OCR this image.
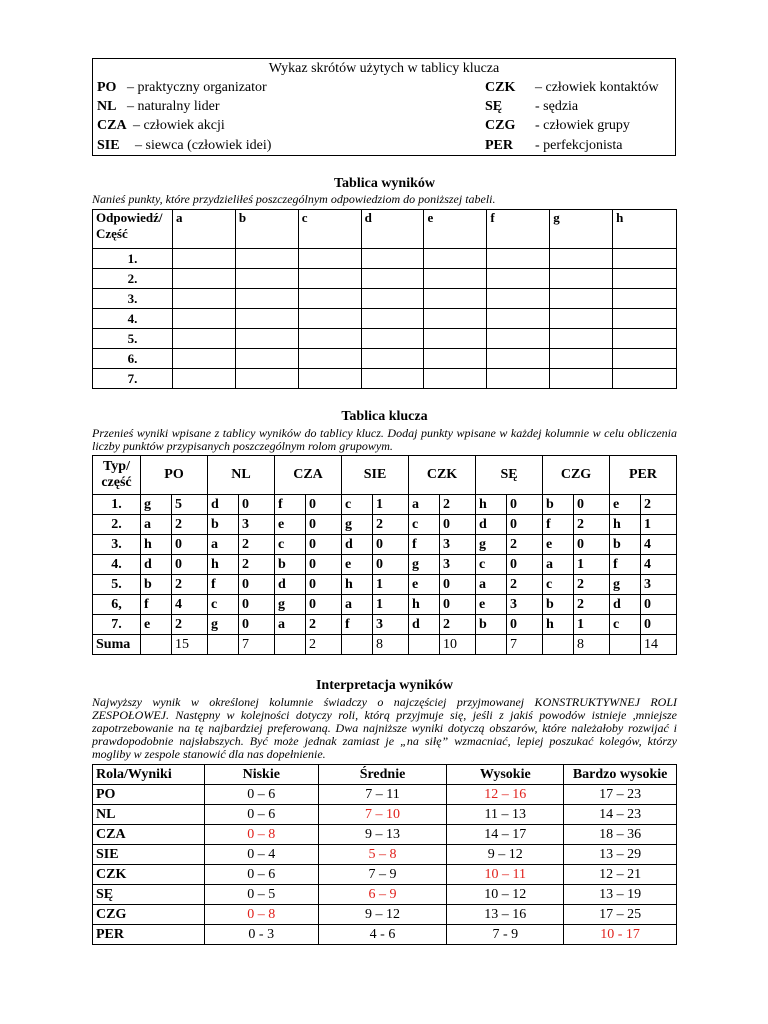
Wykaz skrótów użytych w tablicy klucza
PO – praktyczny organizator	CZK – człowiek kontaktów
NL – naturalny lider	SĘ - sędzia
CZA – człowiek akcji	CZG - człowiek grupy
SIE – siewca (człowiek idei)	PER - perfekcjonista
Tablica wyników

Nanieś punkty, które przydzieliłeś poszczególnym odpowiedziom do poniższej tabeli.

Odpowiedź/
Część	a	b	c	d	e	f	g	h
1.								
2.								
3.								
4.								
5.								
6.								
7.								
Tablica klucza

Przenieś wyniki wpisane z tablicy wyników do tablicy klucz. Dodaj punkty wpisane w każdej kolumnie w celu obliczenia liczby punktów przypisanych poszczególnym rolom grupowym.

Typ/
część	PO		NL		CZA		SIE		CZK		SĘ		CZG		PER	
1.	g	5	d	0	f	0	c	1	a	2	h	0	b	0	e	2
2.	a	2	b	3	e	0	g	2	c	0	d	0	f	2	h	1
3.	h	0	a	2	c	0	d	0	f	3	g	2	e	0	b	4
4.	d	0	h	2	b	0	e	0	g	3	c	0	a	1	f	4
5.	b	2	f	0	d	0	h	1	e	0	a	2	c	2	g	3
6,	f	4	c	0	g	0	a	1	h	0	e	3	b	2	d	0
7.	e	2	g	0	a	2	f	3	d	2	b	0	h	1	c	0
Suma		15		7		2		8		10		7		8		14
Interpretacja wyników

Najwyższy wynik w określonej kolumnie świadczy o najczęściej przyjmowanej KONSTRUKTYWNEJ ROLI ZESPOŁOWEJ. Następny w kolejności dotyczy roli, którą przyjmuje się, jeśli z jakiś powodów istnieje ,mniejsze zapotrzebowanie na tę najbardziej preferowaną. Dwa najniższe wyniki dotyczą obszarów, które należałoby rozwijać i prawdopodobnie najsłabszych. Być może jednak zamiast je „na siłę” wzmacniać, lepiej poszukać kolegów, którzy mogliby w zespole stanowić dla nas dopełnienie.

Rola/Wyniki	Niskie	Średnie	Wysokie	Bardzo wysokie
PO	0 – 6	7 – 11	12 – 16	17 – 23
NL	0 – 6	7 – 10	11 – 13	14 – 23
CZA	0 – 8	9 – 13	14 – 17	18 – 36
SIE	0 – 4	5 – 8	9 – 12	13 – 29
CZK	0 – 6	7 – 9	10 – 11	12 – 21
SĘ	0 – 5	6 – 9	10 – 12	13 – 19
CZG	0 – 8	9 – 12	13 – 16	17 – 25
PER	0 - 3	4 - 6	7 - 9	10 - 17
